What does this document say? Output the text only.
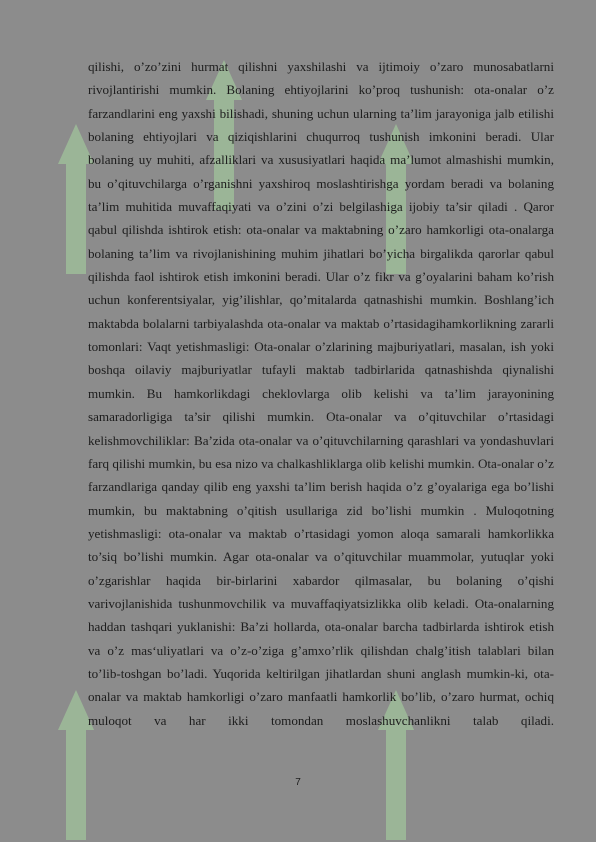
qilishi, o’zo’zini hurmat qilishni yaxshilashi va ijtimoiy o’zaro munosabatlarni rivojlantirishi mumkin. Bolaning ehtiyojlarini ko’proq tushunish: ota-onalar o’z farzandlarini eng yaxshi bilishadi, shuning uchun ularning ta’lim jarayoniga jalb etilishi bolaning ehtiyojlari va qiziqishlarini chuqurroq tushunish imkonini beradi. Ular bolaning uy muhiti, afzalliklari va xususiyatlari haqida ma’lumot almashishi mumkin, bu o’qituvchilarga o’rganishni yaxshiroq moslashtirishga yordam beradi va bolaning ta’lim muhitida muvaffaqiyati va o’zini o’zi belgilashiga ijobiy ta’sir qiladi . Qaror qabul qilishda ishtirok etish: ota-onalar va maktabning o’zaro hamkorligi ota-onalarga bolaning ta’lim va rivojlanishining muhim jihatlari bo’yicha birgalikda qarorlar qabul qilishda faol ishtirok etish imkonini beradi. Ular o’z fikr va g’oyalarini baham ko’rish uchun konferentsiyalar, yig’ilishlar, qo’mitalarda qatnashishi mumkin. Boshlang’ich maktabda bolalarni tarbiyalashda ota-onalar va maktab o’rtasidagihamkorlikning zararli tomonlari: Vaqt yetishmasligi: Ota-onalar o’zlarining majburiyatlari, masalan, ish yoki boshqa oilaviy majburiyatlar tufayli maktab tadbirlarida qatnashishda qiynalishi mumkin. Bu hamkorlikdagi cheklovlarga olib kelishi va ta’lim jarayonining samaradorligiga ta’sir qilishi mumkin. Ota-onalar va o’qituvchilar o’rtasidagi kelishmovchiliklar: Ba’zida ota-onalar va o’qituvchilarning qarashlari va yondashuvlari farq qilishi mumkin, bu esa nizo va chalkashliklarga olib kelishi mumkin. Ota-onalar o’z farzandlariga qanday qilib eng yaxshi ta’lim berish haqida o’z g’oyalariga ega bo’lishi mumkin, bu maktabning o’qitish usullariga zid bo’lishi mumkin . Muloqotning yetishmasligi: ota-onalar va maktab o’rtasidagi yomon aloqa samarali hamkorlikka to’siq bo’lishi mumkin. Agar ota-onalar va o’qituvchilar muammolar, yutuqlar yoki o’zgarishlar haqida bir-birlarini xabardor qilmasalar, bu bolaning o’qishi varivojlanishida tushunmovchilik va muvaffaqiyatsizlikka olib keladi. Ota-onalarning haddan tashqari yuklanishi: Ba’zi hollarda, ota-onalar barcha tadbirlarda ishtirok etish va o’z mas‘uliyatlari va o’z-o’ziga g’amxo’rlik qilishdan chalg’itish talablari bilan to’lib-toshgan bo’ladi. Yuqorida keltirilgan jihatlardan shuni anglash mumkin-ki, ota-onalar va maktab hamkorligi o’zaro manfaatli hamkorlik bo’lib, o’zaro hurmat, ochiq muloqot va har ikki tomondan moslashuvchanlikni talab qiladi.

7
